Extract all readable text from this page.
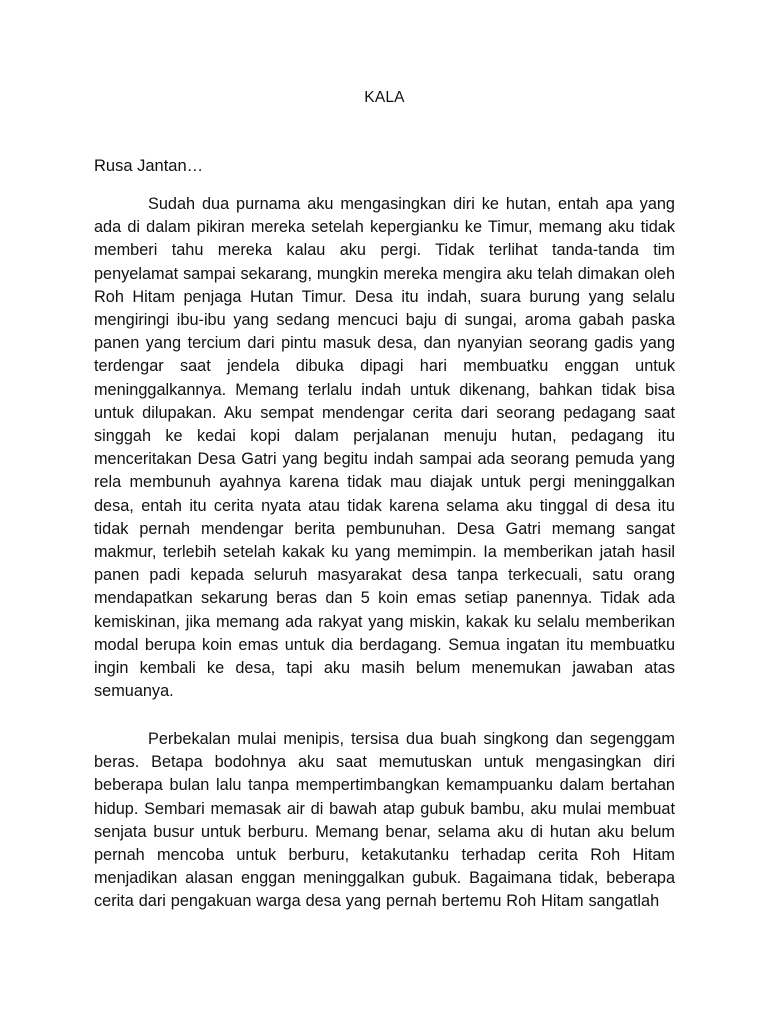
KALA
Rusa Jantan…

Sudah dua purnama aku mengasingkan diri ke hutan, entah apa yang ada di dalam pikiran mereka setelah kepergianku ke Timur, memang aku tidak memberi tahu mereka kalau aku pergi. Tidak terlihat tanda-tanda tim penyelamat sampai sekarang, mungkin mereka mengira aku telah dimakan oleh Roh Hitam penjaga Hutan Timur. Desa itu indah, suara burung yang selalu mengiringi ibu-ibu yang sedang mencuci baju di sungai, aroma gabah paska panen yang tercium dari pintu masuk desa, dan nyanyian seorang gadis yang terdengar saat jendela dibuka dipagi hari membuatku enggan untuk meninggalkannya. Memang terlalu indah untuk dikenang, bahkan tidak bisa untuk dilupakan. Aku sempat mendengar cerita dari seorang pedagang saat singgah ke kedai kopi dalam perjalanan menuju hutan, pedagang itu menceritakan Desa Gatri yang begitu indah sampai ada seorang pemuda yang rela membunuh ayahnya karena tidak mau diajak untuk pergi meninggalkan desa, entah itu cerita nyata atau tidak karena selama aku tinggal di desa itu tidak pernah mendengar berita pembunuhan. Desa Gatri memang sangat makmur, terlebih setelah kakak ku yang memimpin. Ia memberikan jatah hasil panen padi kepada seluruh masyarakat desa tanpa terkecuali, satu orang mendapatkan sekarung beras dan 5 koin emas setiap panennya. Tidak ada kemiskinan, jika memang ada rakyat yang miskin, kakak ku selalu memberikan modal berupa koin emas untuk dia berdagang. Semua ingatan itu membuatku ingin kembali ke desa, tapi aku masih belum menemukan jawaban atas semuanya.

Perbekalan mulai menipis, tersisa dua buah singkong dan segenggam beras. Betapa bodohnya aku saat memutuskan untuk mengasingkan diri beberapa bulan lalu tanpa mempertimbangkan kemampuanku dalam bertahan hidup. Sembari memasak air di bawah atap gubuk bambu, aku mulai membuat senjata busur untuk berburu. Memang benar, selama aku di hutan aku belum pernah mencoba untuk berburu, ketakutanku terhadap cerita Roh Hitam menjadikan alasan enggan meninggalkan gubuk. Bagaimana tidak, beberapa cerita dari pengakuan warga desa yang pernah bertemu Roh Hitam sangatlah
